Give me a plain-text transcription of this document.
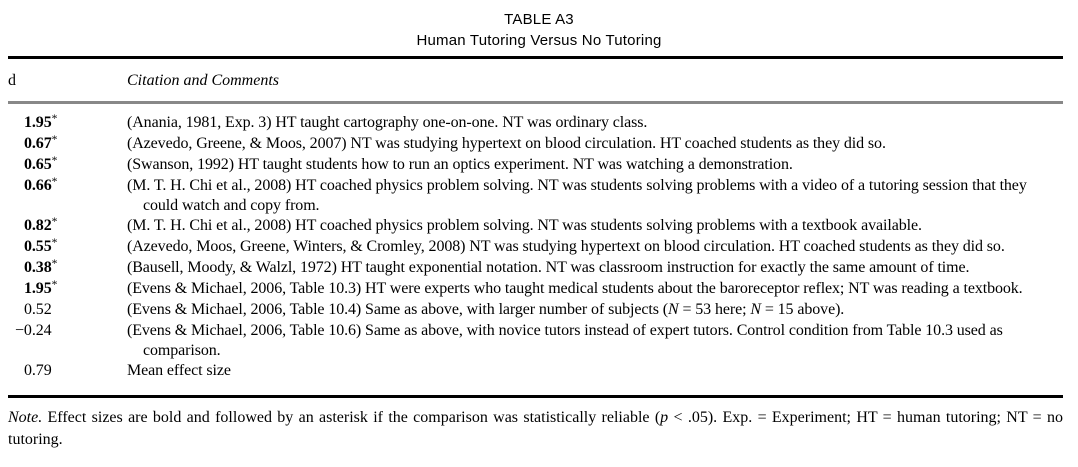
TABLE A3
Human Tutoring Versus No Tutoring
d	Citation and Comments
1.95*	(Anania, 1981, Exp. 3) HT taught cartography one-on-one. NT was ordinary class.
0.67*	(Azevedo, Greene, & Moos, 2007) NT was studying hypertext on blood circulation. HT coached students as they did so.
0.65*	(Swanson, 1992) HT taught students how to run an optics experiment. NT was watching a demonstration.
0.66*	(M. T. H. Chi et al., 2008) HT coached physics problem solving. NT was students solving problems with a video of a tutoring session that they could watch and copy from.
0.82*	(M. T. H. Chi et al., 2008) HT coached physics problem solving. NT was students solving problems with a textbook available.
0.55*	(Azevedo, Moos, Greene, Winters, & Cromley, 2008) NT was studying hypertext on blood circulation. HT coached students as they did so.
0.38*	(Bausell, Moody, & Walzl, 1972) HT taught exponential notation. NT was classroom instruction for exactly the same amount of time.
1.95*	(Evens & Michael, 2006, Table 10.3) HT were experts who taught medical students about the baroreceptor reflex; NT was reading a textbook.
0.52	(Evens & Michael, 2006, Table 10.4) Same as above, with larger number of subjects (N = 53 here; N = 15 above).
−0.24	(Evens & Michael, 2006, Table 10.6) Same as above, with novice tutors instead of expert tutors. Control condition from Table 10.3 used as comparison.
0.79	Mean effect size
Note. Effect sizes are bold and followed by an asterisk if the comparison was statistically reliable (p < .05). Exp. = Experiment; HT = human tutoring; NT = no tutoring.
